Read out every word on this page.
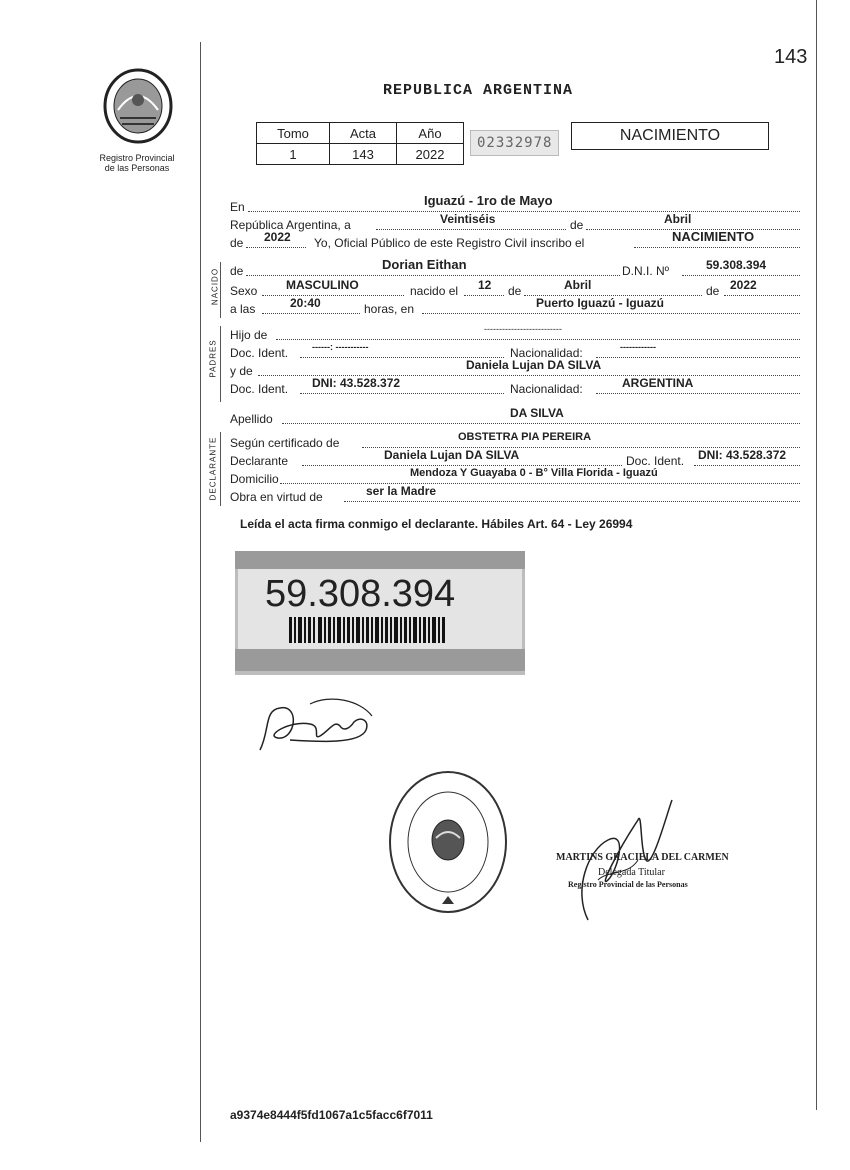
143
Registro Provincial
de las Personas
REPUBLICA ARGENTINA
Tomo	Acta	Año
1	143	2022
02332978	NACIMIENTO
En	Iguazú - 1ro de Mayo
República Argentina, a	Veintiséis	de	Abril
de 2022 Yo, Oficial Público de este Registro Civil inscribo el	NACIMIENTO
NACIDO de	Dorian Eithan	D.N.I. Nº	59.308.394
Sexo MASCULINO	nacido el 12 de	Abril	de 2022
a las	20:40	horas, en	Puerto Iguazú - Iguazú
PADRES
Hijo de	--------------------------
Doc. Ident.	------: -----------	Nacionalidad:	------------
y de	Daniela Lujan DA SILVA
Doc. Ident. DNI: 43.528.372	Nacionalidad:	ARGENTINA
Apellido	DA SILVA
DECLARANTE Según certificado de	OBSTETRA PIA PEREIRA
Declarante	Daniela Lujan DA SILVA	Doc. Ident. DNI: 43.528.372
Domicilio	Mendoza Y Guayaba 0 - B° Villa Florida - Iguazú
Obra en virtud de	ser la Madre
Leída el acta firma conmigo el declarante. Hábiles Art. 64 - Ley 26994
59.308.394
MARTINS GRACIELA DEL CARMEN
Delegada Titular
Registro Provincial de las Personas
a9374e8444f5fd1067a1c5facc6f7011
